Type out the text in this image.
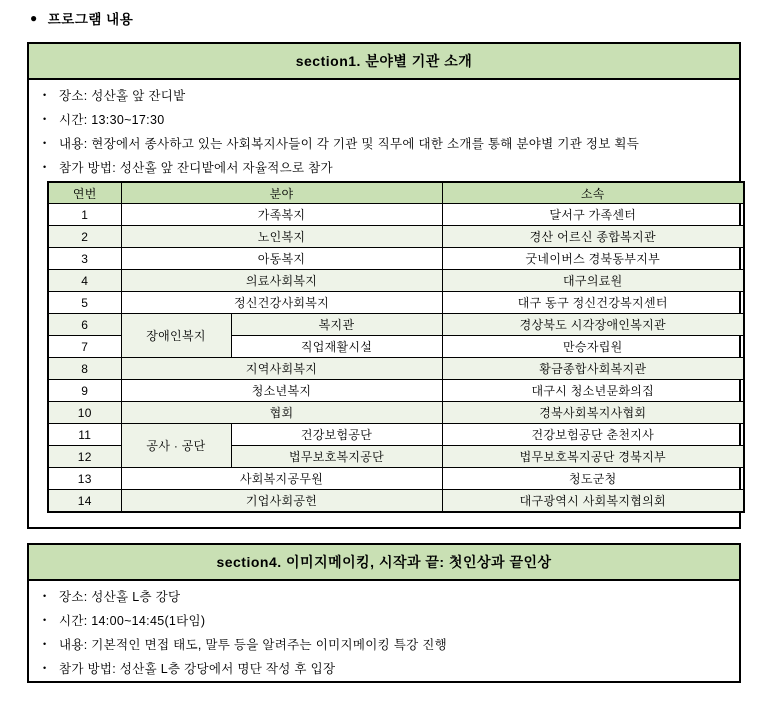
● 프로그램 내용
section1. 분야별 기관 소개
• 장소: 성산홀 앞 잔디밭
• 시간: 13:30~17:30
• 내용: 현장에서 종사하고 있는 사회복지사들이 각 기관 및 직무에 대한 소개를 통해 분야별 기관 정보 획득
• 참가 방법: 성산홀 앞 잔디밭에서 자율적으로 참가
연번	분야		소속
1	가족복지		달서구 가족센터
2	노인복지		경산 어르신 종합복지관
3	아동복지		굿네이버스 경북동부지부
4	의료사회복지		대구의료원
5	정신건강사회복지		대구 동구 정신건강복지센터
6	장애인복지	복지관	경상북도 시각장애인복지관
7		직업재활시설	만승자립원
8	지역사회복지		황금종합사회복지관
9	청소년복지		대구시 청소년문화의집
10	협회		경북사회복지사협회
11	공사 · 공단	건강보험공단	건강보험공단 춘천지사
12		법무보호복지공단	법무보호복지공단 경북지부
13	사회복지공무원		청도군청
14	기업사회공헌		대구광역시 사회복지협의회
section4. 이미지메이킹, 시작과 끝: 첫인상과 끝인상
• 장소: 성산홀 L층 강당
• 시간: 14:00~14:45(1타임)
• 내용: 기본적인 면접 태도, 말투 등을 알려주는 이미지메이킹 특강 진행
• 참가 방법: 성산홀 L층 강당에서 명단 작성 후 입장
